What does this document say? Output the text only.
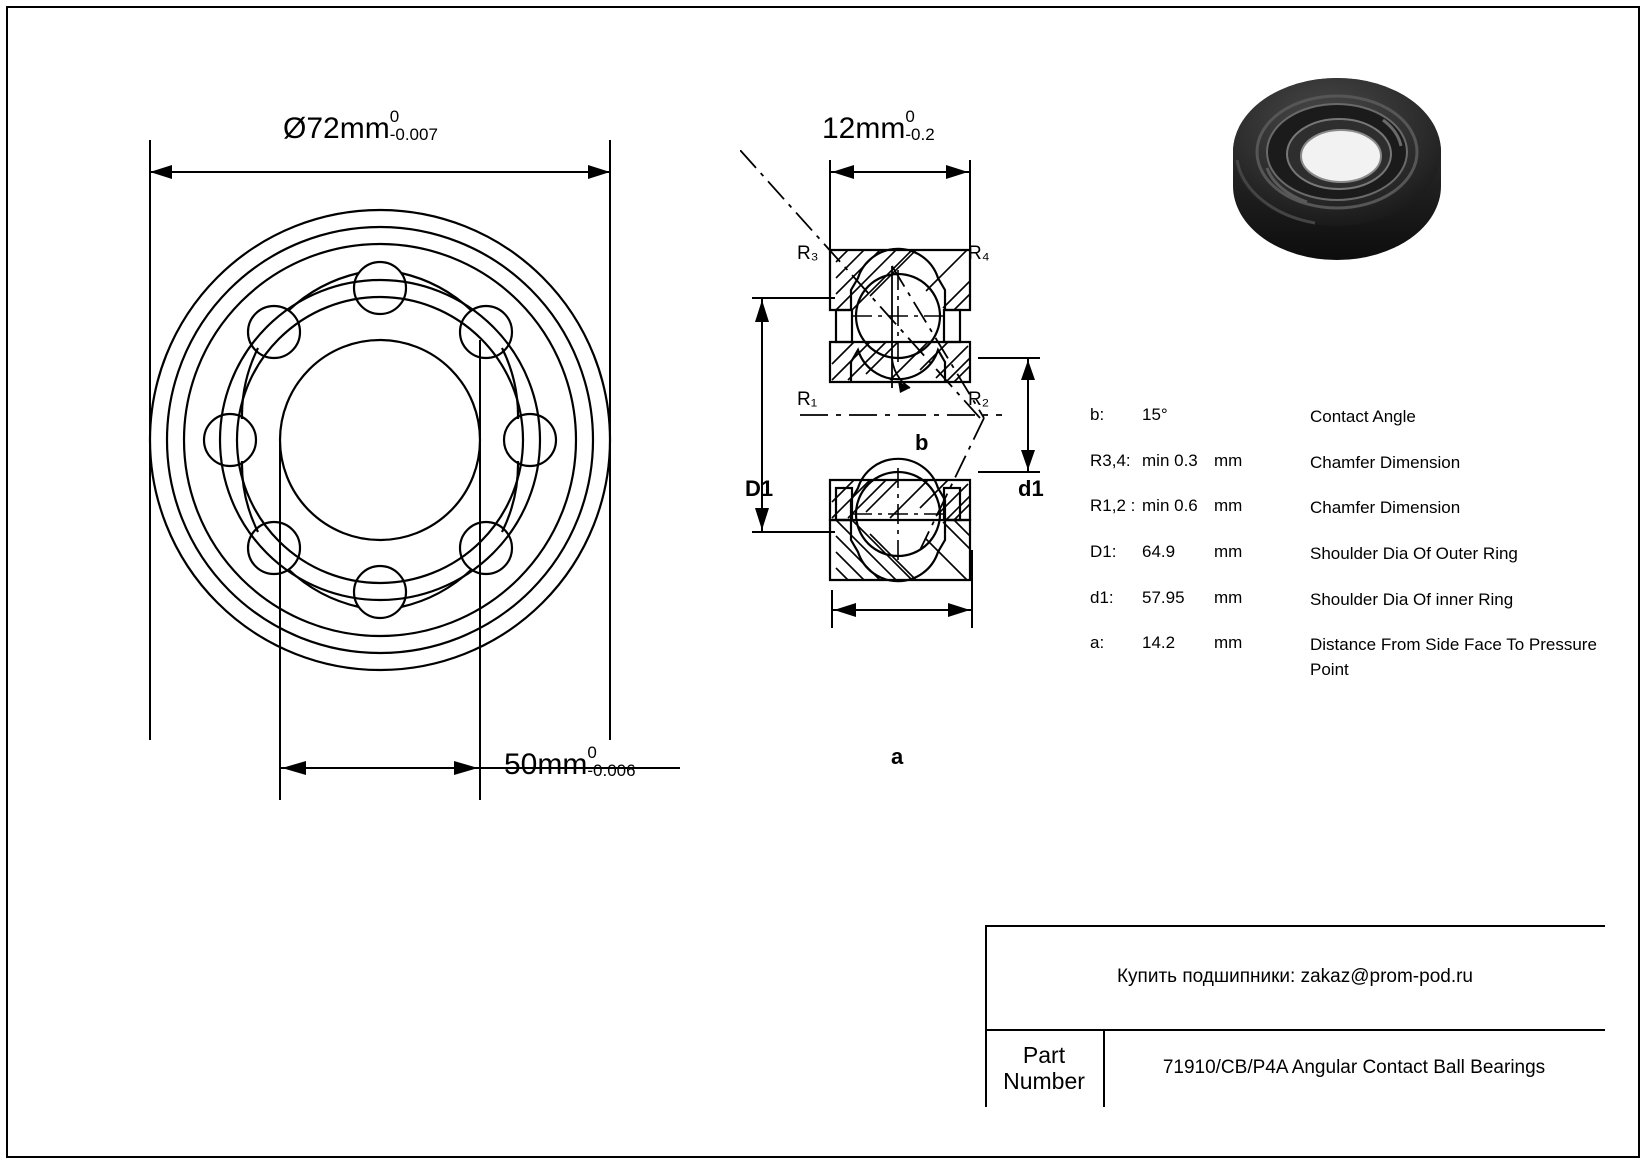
Ø72mm 0
-0.007
50mm 0
-0.006
12mm 0
-0.2
R₃	R₄
R₁	R₂
D1	d1
b
a
b:	15°	Contact Angle
R3,4: min 0.3 mm	Chamfer Dimension
R1,2 : min 0.6 mm	Chamfer Dimension
D1:	64.9	mm	Shoulder Dia Of Outer Ring
d1:	57.95	mm	Shoulder Dia Of inner Ring
a:	14.2	mm	Distance From Side Face To Pressure Point
Купить подшипники: zakaz@prom-pod.ru
Part
Number
71910/CB/P4A Angular Contact Ball Bearings
